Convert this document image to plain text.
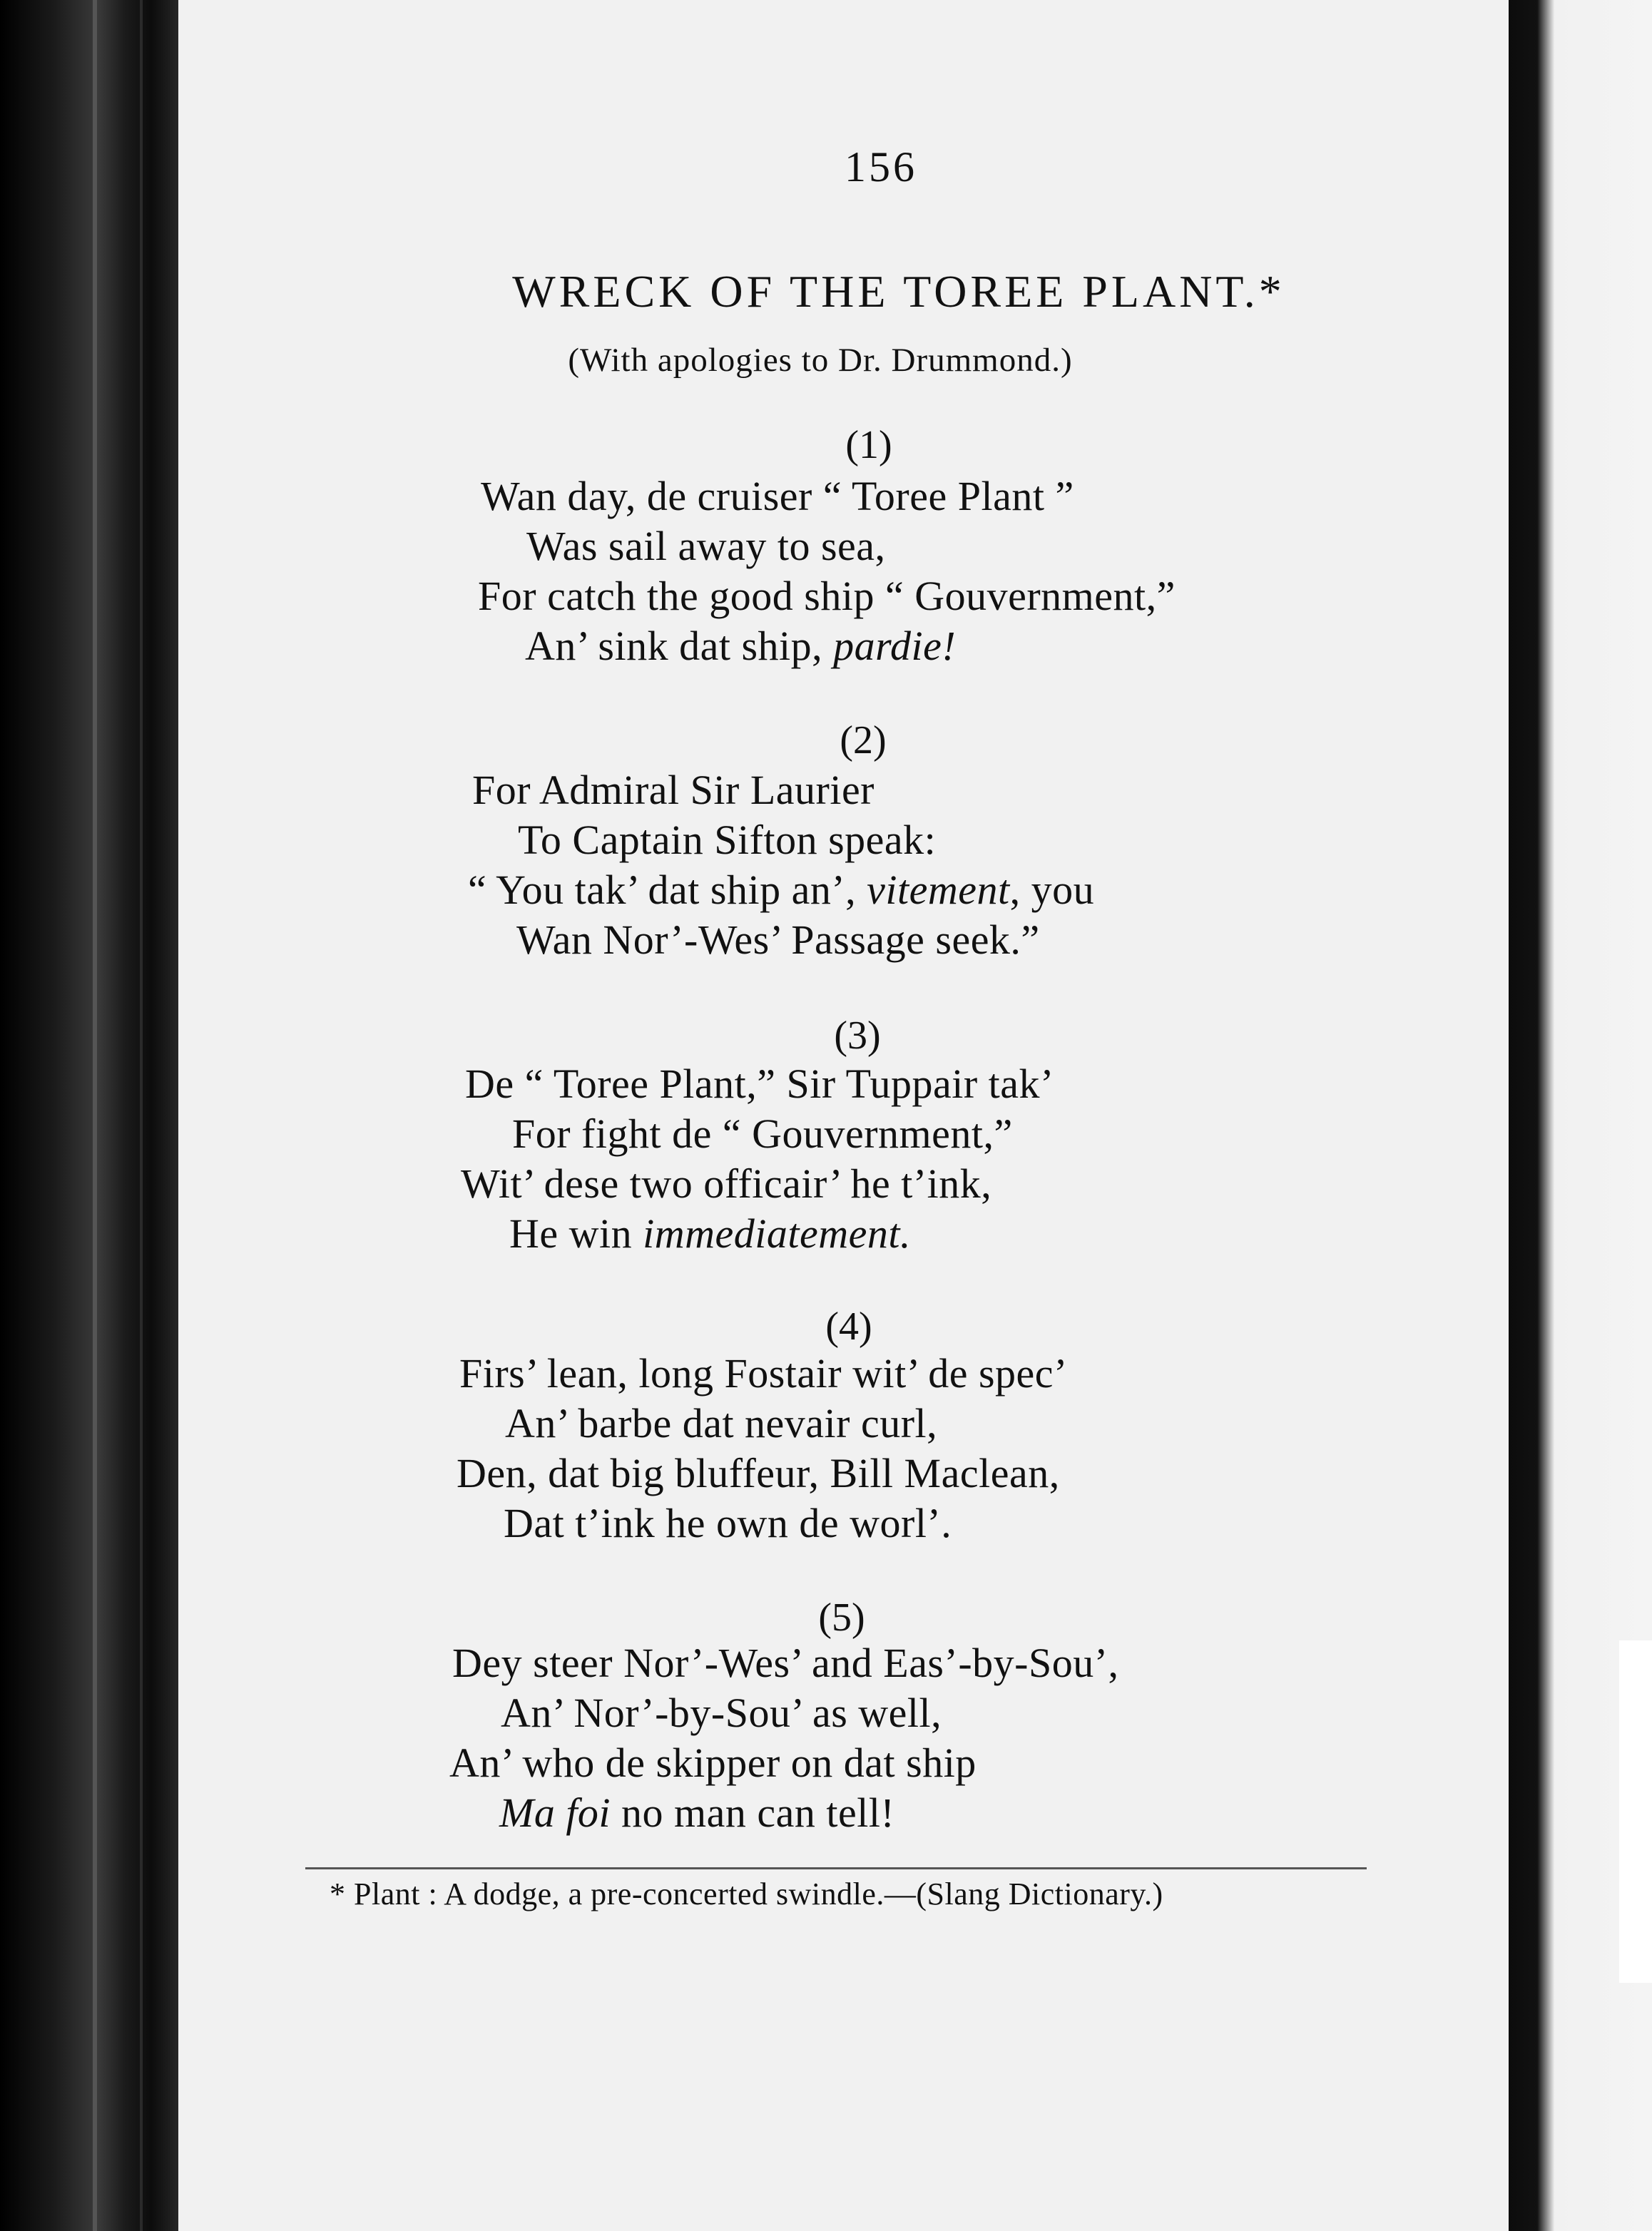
156
WRECK OF THE TOREE PLANT.*
(With apologies to Dr. Drummond.)
(1)
Wan day, de cruiser “ Toree Plant ”
Was sail away to sea,
For catch the good ship “ Gouvernment,”
An’ sink dat ship, pardie!
(2)
For Admiral Sir Laurier
To Captain Sifton speak:
“ You tak’ dat ship an’, vitement, you
Wan Nor’-Wes’ Passage seek.”
(3)
De “ Toree Plant,” Sir Tuppair tak’
For fight de “ Gouvernment,”
Wit’ dese two officair’ he t’ink,
He win immediatement.
(4)
Firs’ lean, long Fostair wit’ de spec’
An’ barbe dat nevair curl,
Den, dat big bluffeur, Bill Maclean,
Dat t’ink he own de worl’.
(5)
Dey steer Nor’-Wes’ and Eas’-by-Sou’,
An’ Nor’-by-Sou’ as well,
An’ who de skipper on dat ship
Ma foi no man can tell!
* Plant : A dodge, a pre-concerted swindle.—(Slang Dictionary.)
